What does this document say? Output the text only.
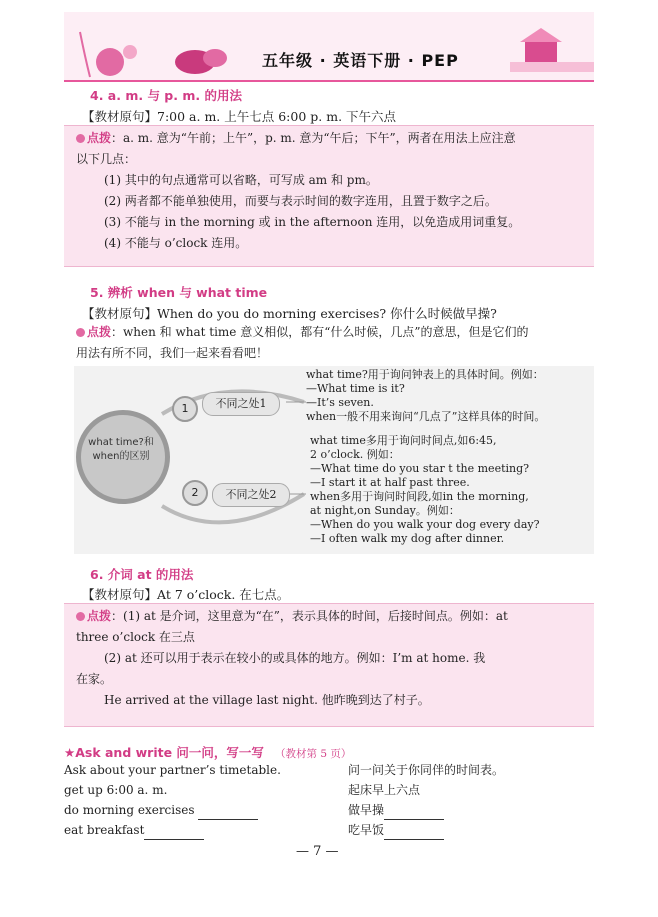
五年级 · 英语下册 · PEP
4. a. m. 与 p. m. 的用法
【教材原句】7:00 a. m. 上午七点 6:00 p. m. 下午六点
点拨：a. m. 意为“午前；上午”，p. m. 意为“午后；下午”，两者在用法上应注意
以下几点：
(1) 其中的句点通常可以省略，可写成 am 和 pm。
(2) 两者都不能单独使用，而要与表示时间的数字连用，且置于数字之后。
(3) 不能与 in the morning 或 in the afternoon 连用，以免造成用词重复。
(4) 不能与 o’clock 连用。
5. 辨析 when 与 what time
【教材原句】When do you do morning exercises? 你什么时候做早操?
点拨：when 和 what time 意义相似，都有“什么时候，几点”的意思，但是它们的
用法有所不同，我们一起来看看吧！
what time?和 when的区别
1
2
不同之处1
不同之处2
what time?用于询问钟表上的具体时间。例如：
—What time is it?
—It’s seven.
when一般不用来询问“几点了”这样具体的时间。
what time多用于询问时间点,如6:45,
2 o’clock. 例如：
—What time do you star t the meeting?
—I start it at half past three.
when多用于询问时间段,如in the morning,
at night,on Sunday。例如：
—When do you walk your dog every day?
—I often walk my dog after dinner.
6. 介词 at 的用法
【教材原句】At 7 o’clock. 在七点。
点拨：(1) at 是介词，这里意为“在”，表示具体的时间，后接时间点。例如：at
three o’clock 在三点
(2) at 还可以用于表示在较小的或具体的地方。例如：I’m at home. 我
在家。
He arrived at the village last night. 他昨晚到达了村子。
★Ask and write 问一问，写一写 （教材第 5 页）
Ask about your partner’s timetable.
get up 6:00 a. m.
do morning exercises
eat breakfast
问一问关于你同伴的时间表。
起床早上六点
做早操
吃早饭
— 7 —
